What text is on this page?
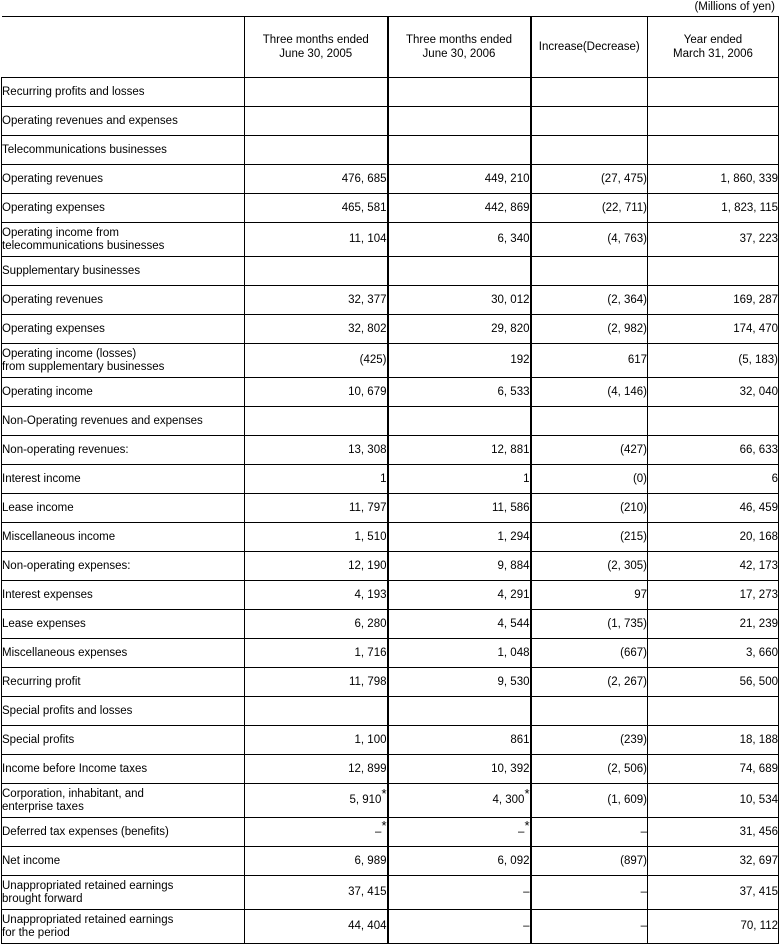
(Millions of yen)

Three months ended
June 30, 2005

Three months ended
June 30, 2006

Increase(Decrease)

Year ended
March 31, 2006

Recurring profits and losses				

Operating revenues and expenses				

Telecommunications businesses				

Operating revenues	476, 685	449, 210	(27, 475)	1, 860, 339

Operating expenses	465, 581	442, 869	(22, 711)	1, 823, 115

Operating income from
telecommunications businesses	11, 104	6, 340	(4, 763)	37, 223

Supplementary businesses				

Operating revenues	32, 377	30, 012	(2, 364)	169, 287

Operating expenses	32, 802	29, 820	(2, 982)	174, 470

Operating income (losses)
from supplementary businesses	(425)	192	617	(5, 183)

Operating income	10, 679	6, 533	(4, 146)	32, 040

Non-Operating revenues and expenses				

Non-operating revenues:	13, 308	12, 881	(427)	66, 633

Interest income	1	1	(0)	6

Lease income	11, 797	11, 586	(210)	46, 459

Miscellaneous income	1, 510	1, 294	(215)	20, 168

Non-operating expenses:	12, 190	9, 884	(2, 305)	42, 173

Interest expenses	4, 193	4, 291	97	17, 273

Lease expenses	6, 280	4, 544	(1, 735)	21, 239

Miscellaneous expenses	1, 716	1, 048	(667)	3, 660

Recurring profit	11, 798	9, 530	(2, 267)	56, 500

Special profits and losses				

Special profits	1, 100	861	(239)	18, 188

Income before Income taxes	12, 899	10, 392	(2, 506)	74, 689

Corporation, inhabitant, and
enterprise taxes	5, 910*	4, 300*	(1, 609)	10, 534

Deferred tax expenses (benefits)	–*	–*	–	31, 456

Net income	6, 989	6, 092	(897)	32, 697

Unappropriated retained earnings
brought forward	37, 415	–	–	37, 415

Unappropriated retained earnings
for the period	44, 404	–	–	70, 112
